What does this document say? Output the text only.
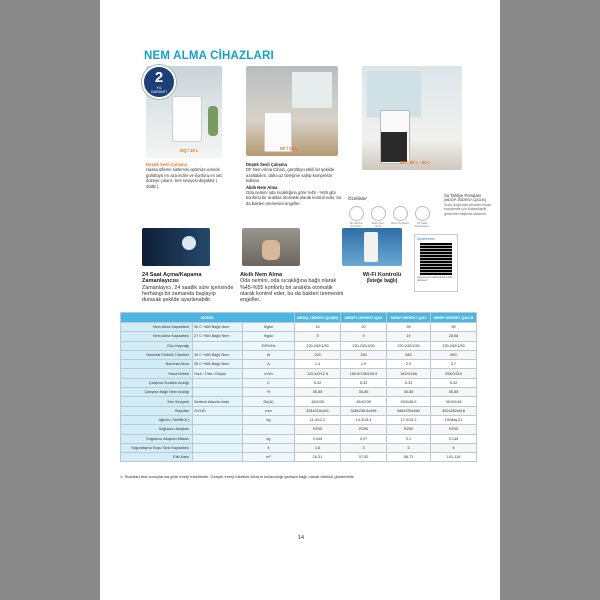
NEM ALMA CİHAZLARI
2
YIL
GARANTİ
DQ / 15 L
Düşük Sesli Çalışma
Hassa üfleme sistemini optimize ederek gürültüyü en aza indirir ve konforu en üst düzeye çıkarır. Ses seviyesi düşüktür ( 40dB ).
DF / 20 L
Düşük Sesli Çalışma
DF Nem Alma Cihazı, gürültüyü etkili bir şekilde azaltabilen, daha az titreşime sahip kompresör kullanır.
Akıllı Nem Alma
Oda nemini oda sıcaklığına göre %45 - %55 gibi konforlu bir aralıkta otomatik olarak kontrol eder, bu da bakteri üremesini engeller.
DP / 30 L - 50 L
Özellikler
Su Tahliye Pompası
Akıllı Nem Alma
Wi-Fi Kontrolü	24 Saat Zamanlayıcı
Su Tahliye Pompası
(MDDP-50DEN7-QA3-B)
Suyu doğrudan pisuare dışarı boşaltmak için kullanılabilir, görevinin başında kaldırılır.
24 Saat Açma/Kapama Zamanlayıcısı
Zamanlayıcı, 24 saatlik süre içerisinde herhangi bir zamanda başlayıp duracak şekilde ayarlanabilir.
Akıllı Nem Alma
Oda nemini, oda sıcaklığına bağlı olarak %45-%55 konforlu bir aralıkta otomatik olarak kontrol eder, bu da bakteri üremesini engeller.
Wi-Fi Kontrolü
(İsteğe bağlı)
SmartHome
Uygulamayı indirmek için kodu okutunuz
MODEL			MDDQ-15DEN7-QA3(R)	MDDF7-20DEN7-QA3	MDDP-30DEN7-QA3	MDDP-50DEN7-QA3-B
Nem Alma Kapasitesi	30 C %80 Bağıl Nem	lt/gün	16	20	30	50
Nem Alma Kapasitesi	27 C %60 Bağıl Nem	lt/gün	5	9	19	28,58
Güç Kaynağı		V/Ph/Hz	220-240/1/50	220-240/1/50	220-240/1/50	220-240/1/50
Nominal Elektrik Tüketimi	30 C %80 Bağıl Nem	W	220	330	550	850
Nominal Akım	30 C %80 Bağıl Nem	A	1.4	1.9	2.9	3.7
Hava Debisi	Hızlı / Orta / Düşük	m3/h	122.4/0/12.6	160.6/135/106.9	161/0/166	253/0/310
Çalışma Sıcaklık Aralığı		C	5-32	5-32	5-32	5-32
Çalışma Bağıl Nem Aralığı		%	35-85	35-85	35-85	35-85
Ses Seviyesi	Serbest Alanda İmde	Db(A)	43/0/39	45/42/39	50/0/48.5	49,5/0/48
Boyutlar	GxYxD	mm	334x224x441	348x238.5x498	386x290x560	392x282x616
Ağırlık ( Net/Brüt )		kg	11.4/12.2	14.3/15.4	17.0/19.2	19/May.21
Soğutucu Akışkan			R290	R290	R290	R290
Soğutucu Akışkan Miktarı		kg	0,045	0,07	0,1	0,145
Yoğunlaşma Suyu Tank Kapasitesi		lt	1,6	3	3	6
Etki Alanı		m²	16-31	37-52	58-73	101-116
1- Standart test sonuçlarına göre enerji tüketimidir. Gerçek enerji tüketimi cihazın kullanıldığı şartlara bağlı olarak farklılık gösterebilir.
14
